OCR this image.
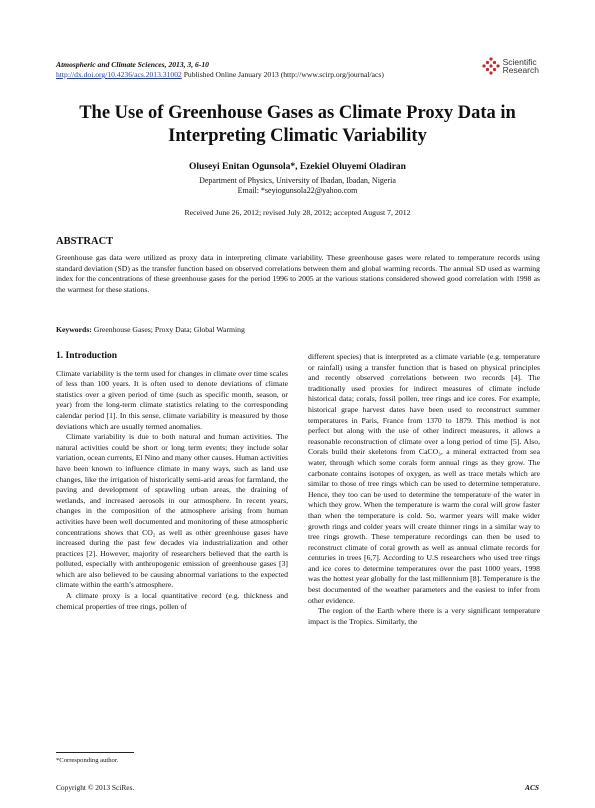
Atmospheric and Climate Sciences, 2013, 3, 6-10
http://dx.doi.org/10.4236/acs.2013.31002 Published Online January 2013 (http://www.scirp.org/journal/acs)
Scientific
Research
The Use of Greenhouse Gases as Climate Proxy Data in Interpreting Climatic Variability
Oluseyi Enitan Ogunsola*, Ezekiel Oluyemi Oladiran
Department of Physics, University of Ibadan, Ibadan, Nigeria
Email: *seyiogunsola22@yahoo.com
Received June 26, 2012; revised July 28, 2012; accepted August 7, 2012
ABSTRACT
Greenhouse gas data were utilized as proxy data in interpreting climate variability. These greenhouse gases were related to temperature records using standard deviation (SD) as the transfer function based on observed correlations between them and global warming records. The annual SD used as warming index for the concentrations of these greenhouse gases for the period 1996 to 2005 at the various stations considered showed good correlation with 1998 as the warmest for these stations.
Keywords: Greenhouse Gases; Proxy Data; Global Warming
1. Introduction

Climate variability is the term used for changes in climate over time scales of less than 100 years. It is often used to denote deviations of climate statistics over a given period of time (such as specific month, season, or year) from the long-term climate statistics relating to the corresponding calendar period [1]. In this sense, climate variability is measured by those deviations which are usually termed anomalies.

Climate variability is due to both natural and human activities. The natural activities could be short or long term events; they include solar variation, ocean currents, El Nino and many other causes. Human activities have been known to influence climate in many ways, such as land use changes, like the irrigation of historically semi-arid areas for farmland, the paving and development of sprawling urban areas, the draining of wetlands, and increased aerosols in our atmosphere. In recent years, changes in the composition of the atmosphere arising from human activities have been well documented and monitoring of these atmospheric concentrations shows that CO₂ as well as other greenhouse gases have increased during the past few decades via industrialization and other practices [2]. However, majority of researchers believed that the earth is polluted, especially with anthropogenic emission of greenhouse gases [3] which are also believed to be causing abnormal variations to the expected climate within the earth’s atmosphere.

A climate proxy is a local quantitative record (e.g. thickness and chemical properties of tree rings, pollen of

different species) that is interpreted as a climate variable (e.g. temperature or rainfall) using a transfer function that is based on physical principles and recently observed correlations between two records [4]. The traditionally used proxies for indirect measures of climate include historical data; corals, fossil pollen, tree rings and ice cores. For example, historical grape harvest dates have been used to reconstruct summer temperatures in Paris, France from 1370 to 1879. This method is not perfect but along with the use of other indirect measures, it allows a reasonable reconstruction of climate over a long period of time [5]. Also, Corals build their skeletons from CaCO₃, a mineral extracted from sea water, through which some corals form annual rings as they grow. The carbonate contains isotopes of oxygen, as well as trace metals which are similar to those of tree rings which can be used to determine temperature. Hence, they too can be used to determine the temperature of the water in which they grow. When the temperature is warm the coral will grow faster than when the temperature is cold. So, warmer years will make wider growth rings and colder years will create thinner rings in a similar way to tree rings growth. These temperature recordings can then be used to reconstruct climate of coral growth as well as annual climate records for centuries in trees [6,7]. According to U.S researchers who used tree rings and ice cores to determine temperatures over the past 1000 years, 1998 was the hottest year globally for the last millennium [8]. Temperature is the best documented of the weather parameters and the easiest to infer from other evidence.

The region of the Earth where there is a very significant temperature impact is the Tropics. Similarly, the

*Corresponding author.
Copyright © 2013 SciRes.	ACS
